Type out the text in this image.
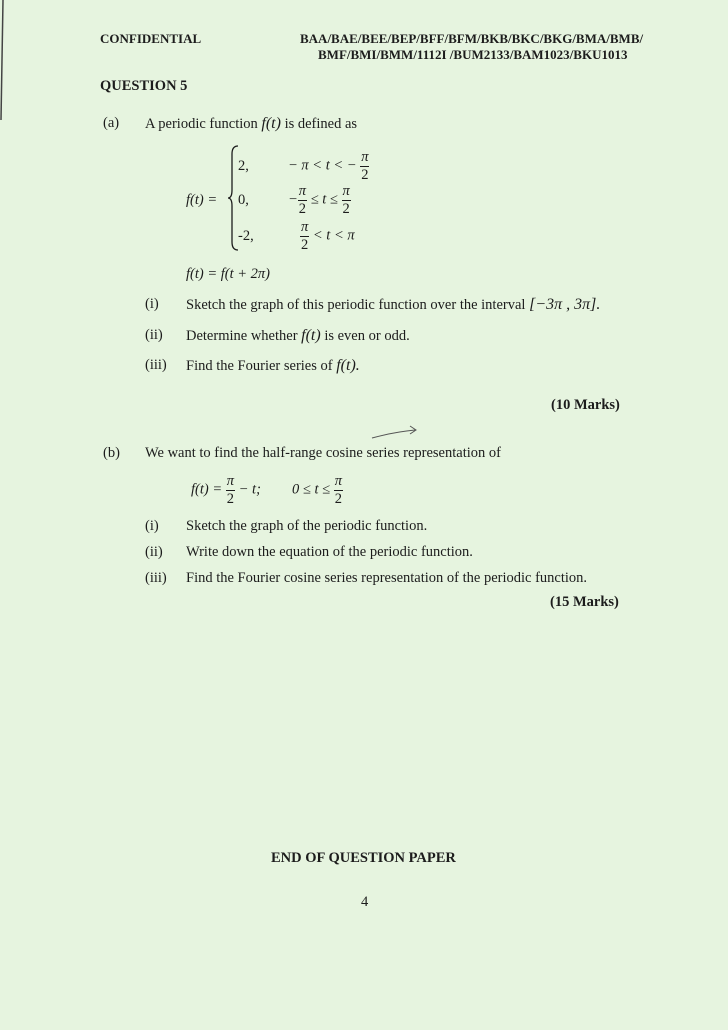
CONFIDENTIAL	BAA/BAE/BEE/BEP/BFF/BFM/BKB/BKC/BKG/BMA/BMB/
BMF/BMI/BMM/1112I /BUM2133/BAM1023/BKU1013
QUESTION 5
(a) A periodic function f(t) is defined as
f(t) =
2,	− π < t < − $\frac{\pi}{2}$
0,	− $\frac{\pi}{2} \le t \le \frac{\pi}{2}$
-2,	$\frac{\pi}{2} < t < \pi$
f(t) = f(t + 2π)
(i) Sketch the graph of this periodic function over the interval [−3π , 3π].
(ii) Determine whether f(t) is even or odd.
(iii) Find the Fourier series of f(t).
(10 Marks)
(b) We want to find the half-range cosine series representation of
$f(t) = \frac{\pi}{2} - t$; $0 \le t \le \frac{\pi}{2}$
(i) Sketch the graph of the periodic function.
(ii) Write down the equation of the periodic function.
(iii) Find the Fourier cosine series representation of the periodic function.
(15 Marks)
END OF QUESTION PAPER
4
